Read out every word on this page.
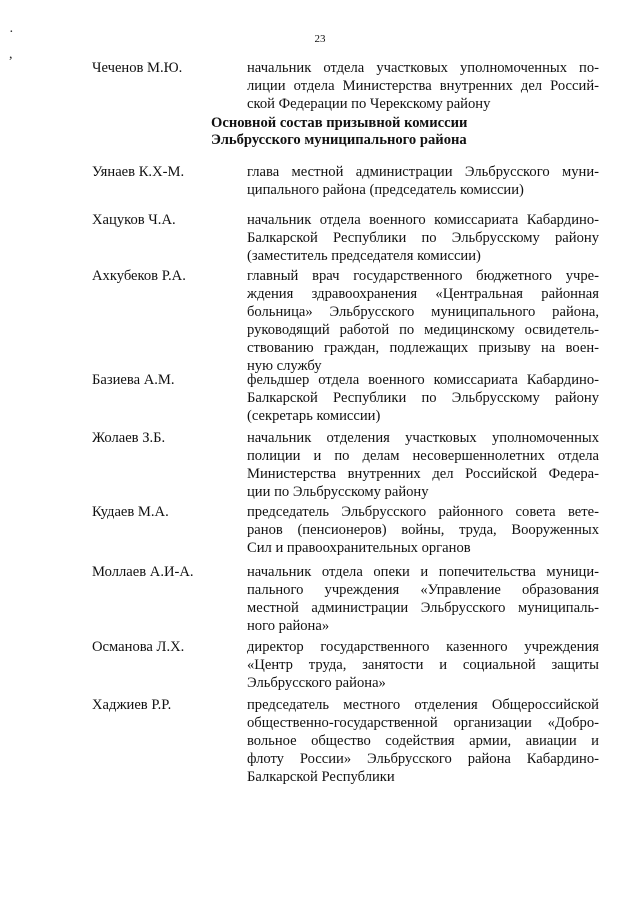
23
·
,
Чеченов М.Ю.	начальник отдела участковых уполномоченных по-
лиции отдела Министерства внутренних дел Россий-
ской Федерации по Черекскому району
Основной состав призывной комиссии
Эльбрусского муниципального района
Уянаев К.Х-М.	глава местной администрации Эльбрусского муни-
ципального района (председатель комиссии)
Хацуков Ч.А.	начальник отдела военного комиссариата Кабардино-
Балкарской Республики по Эльбрусскому району
(заместитель председателя комиссии)
Ахкубеков Р.А.	главный врач государственного бюджетного учре-
ждения здравоохранения «Центральная районная
больница» Эльбрусского муниципального района,
руководящий работой по медицинскому освидетель-
ствованию граждан, подлежащих призыву на воен-
ную службу
Базиева А.М.	фельдшер отдела военного комиссариата Кабардино-
Балкарской Республики по Эльбрусскому району
(секретарь комиссии)
Жолаев З.Б.	начальник отделения участковых уполномоченных
полиции и по делам несовершеннолетних отдела
Министерства внутренних дел Российской Федера-
ции по Эльбрусскому району
Кудаев М.А.	председатель Эльбрусского районного совета вете-
ранов (пенсионеров) войны, труда, Вооруженных
Сил и правоохранительных органов
Моллаев А.И-А.	начальник отдела опеки и попечительства муници-
пального учреждения «Управление образования
местной администрации Эльбрусского муниципаль-
ного района»
Османова Л.Х.	директор государственного казенного учреждения
«Центр труда, занятости и социальной защиты
Эльбрусского района»
Хаджиев Р.Р.	председатель местного отделения Общероссийской
общественно-государственной организации «Добро-
вольное общество содействия армии, авиации и
флоту России» Эльбрусского района Кабардино-
Балкарской Республики
